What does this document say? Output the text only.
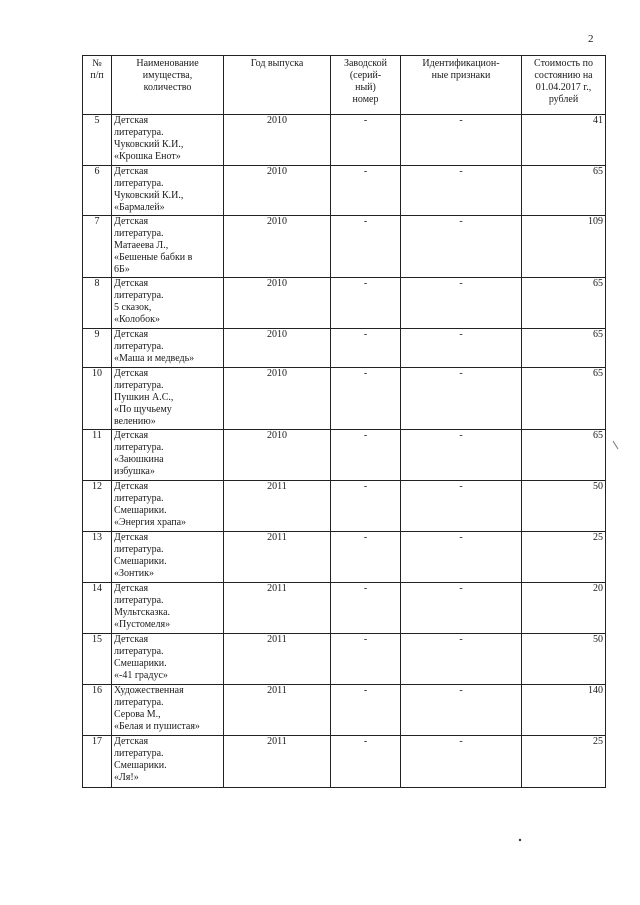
2
№
п/п	Наименование
имущества,
количество	Год выпуска	Заводской
(серий-
ный)
номер	Идентификацион-
ные признаки	Стоимость по
состоянию на
01.04.2017 г.,
рублей
5	Детская
литература.
Чуковский К.И.,
«Крошка Енот»	2010	-	-	41
6	Детская
литература.
Чуковский К.И.,
«Бармалей»	2010	-	-	65
7	Детская
литература.
Матаеева Л.,
«Бешеные бабки в
6Б»	2010	-	-	109
8	Детская
литература.
5 сказок,
«Колобок»	2010	-	-	65
9	Детская
литература.
«Маша и медведь»	2010	-	-	65
10	Детская
литература.
Пушкин А.С.,
«По щучьему
велению»	2010	-	-	65
11	Детская
литература.
«Заюшкина
избушка»	2010	-	-	65
12	Детская
литература.
Смешарики.
«Энергия храпа»	2011	-	-	50
13	Детская
литература.
Смешарики.
«Зонтик»	2011	-	-	25
14	Детская
литература.
Мультсказка.
«Пустомеля»	2011	-	-	20
15	Детская
литература.
Смешарики.
«-41 градус»	2011	-	-	50
16	Художественная
литература.
Серова М.,
«Белая и пушистая»	2011	-	-	140
17	Детская
литература.
Смешарики.
«Ля!»	2011	-	-	25
